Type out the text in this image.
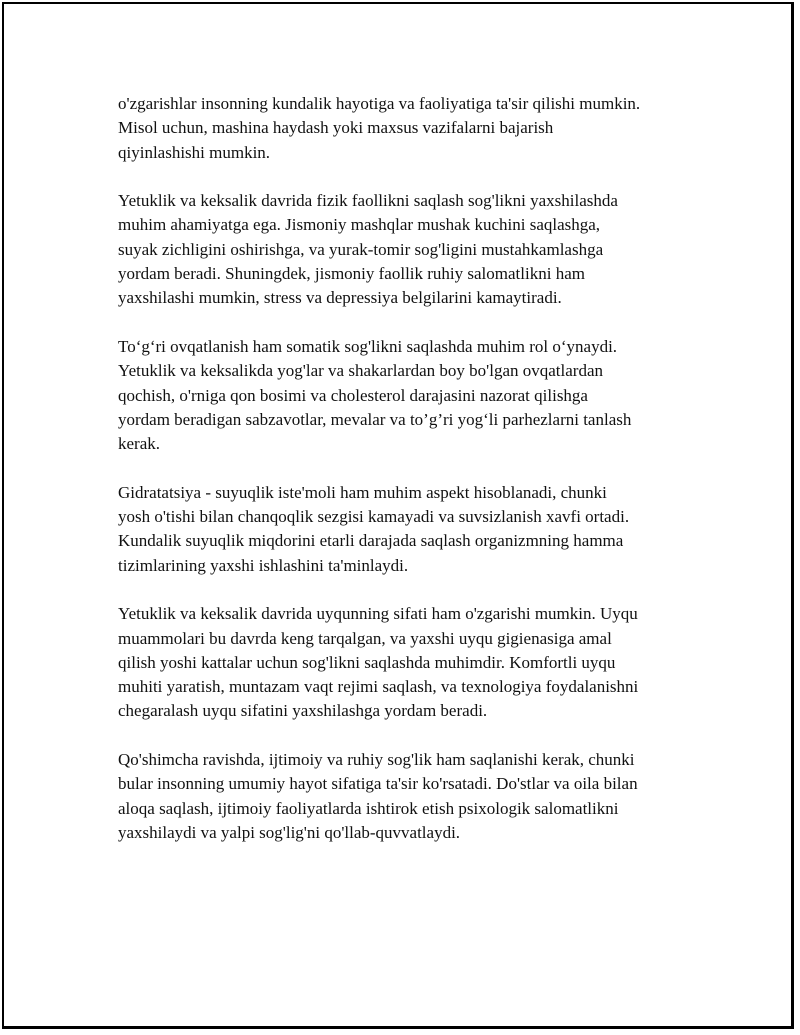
o'zgarishlar insonning kundalik hayotiga va faoliyatiga ta'sir qilishi mumkin.
Misol uchun, mashina haydash yoki maxsus vazifalarni bajarish
qiyinlashishi mumkin.

Yetuklik va keksalik davrida fizik faollikni saqlash sog'likni yaxshilashda
muhim ahamiyatga ega. Jismoniy mashqlar mushak kuchini saqlashga,
suyak zichligini oshirishga, va yurak-tomir sog'ligini mustahkamlashga
yordam beradi. Shuningdek, jismoniy faollik ruhiy salomatlikni ham
yaxshilashi mumkin, stress va depressiya belgilarini kamaytiradi.

To‘g‘ri ovqatlanish ham somatik sog'likni saqlashda muhim rol o‘ynaydi.
Yetuklik va keksalikda yog'lar va shakarlardan boy bo'lgan ovqatlardan
qochish, o'rniga qon bosimi va cholesterol darajasini nazorat qilishga
yordam beradigan sabzavotlar, mevalar va to’g’ri yog‘li parhezlarni tanlash
kerak.

Gidratatsiya - suyuqlik iste'moli ham muhim aspekt hisoblanadi, chunki
yosh o'tishi bilan chanqoqlik sezgisi kamayadi va suvsizlanish xavfi ortadi.
Kundalik suyuqlik miqdorini etarli darajada saqlash organizmning hamma
tizimlarining yaxshi ishlashini ta'minlaydi.

Yetuklik va keksalik davrida uyqunning sifati ham o'zgarishi mumkin. Uyqu
muammolari bu davrda keng tarqalgan, va yaxshi uyqu gigienasiga amal
qilish yoshi kattalar uchun sog'likni saqlashda muhimdir. Komfortli uyqu
muhiti yaratish, muntazam vaqt rejimi saqlash, va texnologiya foydalanishni
chegaralash uyqu sifatini yaxshilashga yordam beradi.

Qo'shimcha ravishda, ijtimoiy va ruhiy sog'lik ham saqlanishi kerak, chunki
bular insonning umumiy hayot sifatiga ta'sir ko'rsatadi. Do'stlar va oila bilan
aloqa saqlash, ijtimoiy faoliyatlarda ishtirok etish psixologik salomatlikni
yaxshilaydi va yalpi sog'lig'ni qo'llab-quvvatlaydi.
